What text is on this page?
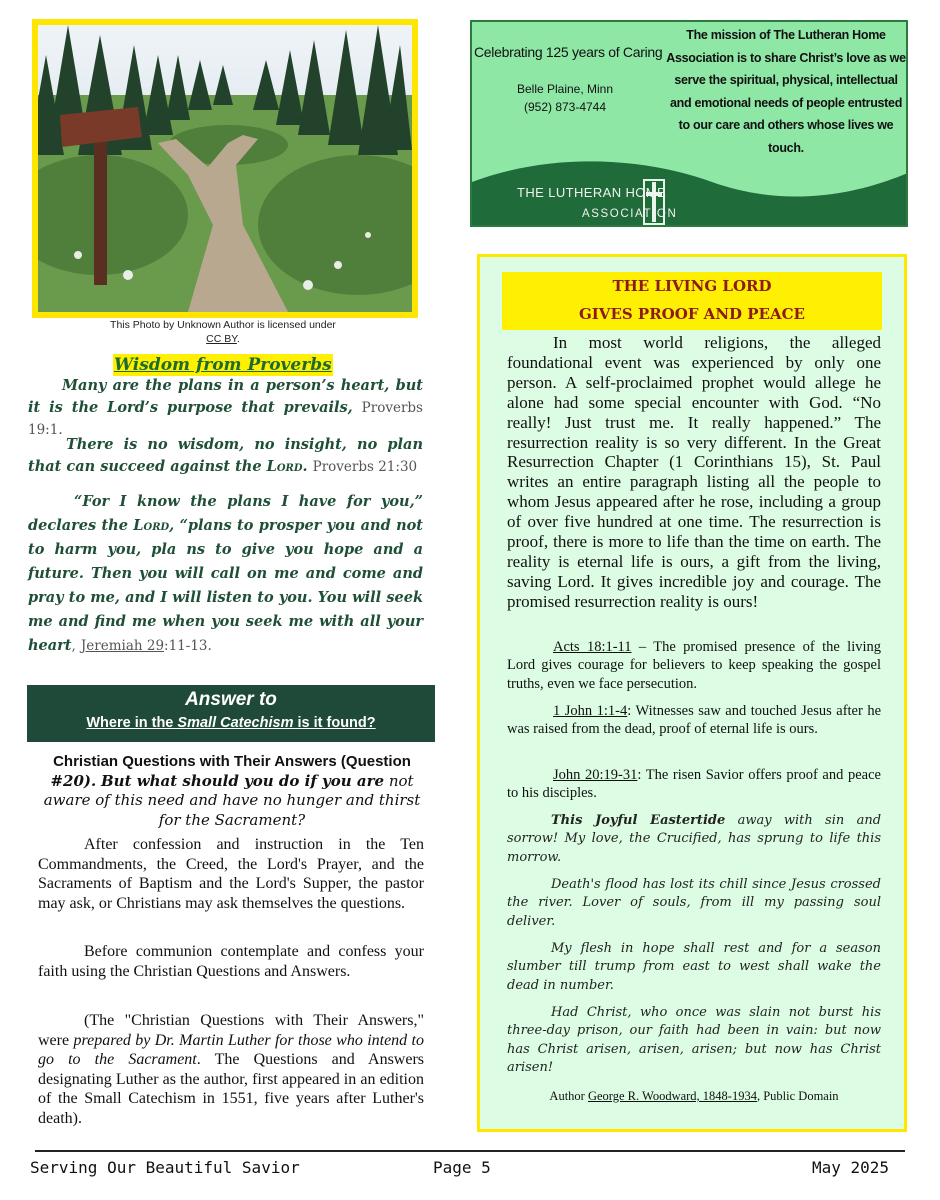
This Photo by Unknown Author is licensed under
CC BY.
Wisdom from Proverbs
Many are the plans in a person’s heart, but it is the Lord’s purpose that prevails, Proverbs 19:1.
There is no wisdom, no insight, no plan that can succeed against the Lord. Proverbs 21:30
“For I know the plans I have for you,” declares the Lord, “plans to prosper you and not to harm you, pla ns to give you hope and a future. Then you will call on me and come and pray to me, and I will listen to you. You will seek me and find me when you seek me with all your heart, Jeremiah 29:11-13.
Answer to
Where in the Small Catechism is it found?
Christian Questions with Their Answers (Question
#20). But what should you do if you are not aware of this need and have no hunger and thirst for the Sacrament?
After confession and instruction in the Ten Commandments, the Creed, the Lord's Prayer, and the Sacraments of Baptism and the Lord's Supper, the pastor may ask, or Christians may ask themselves the questions.
Before communion contemplate and confess your faith using the Christian Questions and Answers.
(The "Christian Questions with Their Answers," were prepared by Dr. Martin Luther for those who intend to go to the Sacrament. The Questions and Answers designating Luther as the author, first appeared in an edition of the Small Catechism in 1551, five years after Luther's death).
Celebrating 125 years of Caring
Belle Plaine, Minn
(952) 873-4744
The mission of The Lutheran Home Association is to share Christ’s love as we serve the spiritual, physical, intellectual and emotional needs of people entrusted to our care and others whose lives we touch.
THE LUTHERAN HOME
ASSOCIATION
THE LIVING LORD
GIVES PROOF AND PEACE
In most world religions, the alleged foundational event was experienced by only one person. A self-proclaimed prophet would allege he alone had some special encounter with God. “No really! Just trust me. It really happened.” The resurrection reality is so very different. In the Great Resurrection Chapter (1 Corinthians 15), St. Paul writes an entire paragraph listing all the people to whom Jesus appeared after he rose, including a group of over five hundred at one time. The resurrection is proof, there is more to life than the time on earth. The reality is eternal life is ours, a gift from the living, saving Lord. It gives incredible joy and courage. The promised resurrection reality is ours!
Acts 18:1-11 – The promised presence of the living Lord gives courage for believers to keep speaking the gospel truths, even we face persecution.
1 John 1:1-4: Witnesses saw and touched Jesus after he was raised from the dead, proof of eternal life is ours.
John 20:19-31: The risen Savior offers proof and peace to his disciples.
This Joyful Eastertide away with sin and sorrow! My love, the Crucified, has sprung to life this morrow.
Death's flood has lost its chill since Jesus crossed the river. Lover of souls, from ill my passing soul deliver.
My flesh in hope shall rest and for a season slumber till trump from east to west shall wake the dead in number.
Had Christ, who once was slain not burst his three-day prison, our faith had been in vain: but now has Christ arisen, arisen, arisen; but now has Christ arisen!
Author George R. Woodward, 1848-1934, Public Domain
Serving Our Beautiful Savior	Page 5	May 2025
